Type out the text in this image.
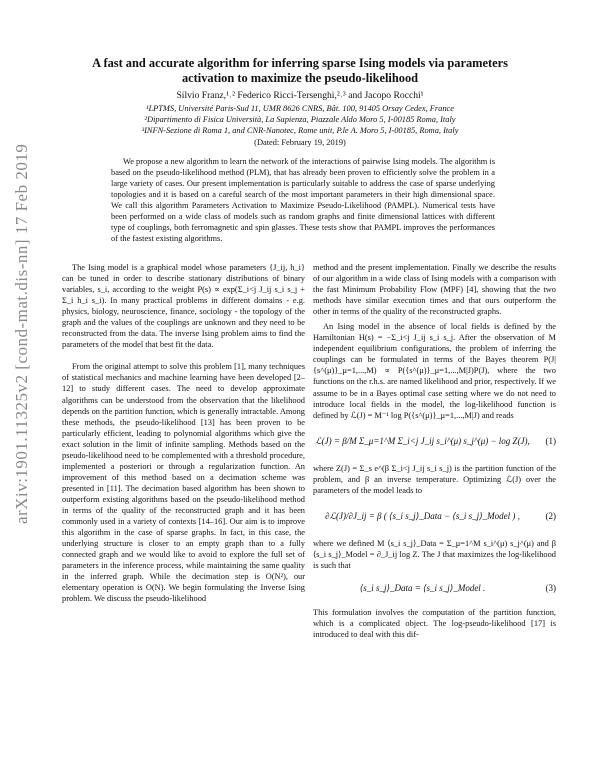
arXiv:1901.11325v2 [cond-mat.dis-nn] 17 Feb 2019
A fast and accurate algorithm for inferring sparse Ising models via parameters
activation to maximize the pseudo-likelihood
Silvio Franz,¹˒² Federico Ricci-Tersenghi,²˒³ and Jacopo Rocchi¹
¹LPTMS, Université Paris-Sud 11, UMR 8626 CNRS, Bât. 100, 91405 Orsay Cedex, France
²Dipartimento di Fisica Università, La Sapienza, Piazzale Aldo Moro 5, I-00185 Roma, Italy
³INFN-Sezione di Roma 1, and CNR-Nanotec, Rome unit, P.le A. Moro 5, I-00185, Roma, Italy
(Dated: February 19, 2019)
We propose a new algorithm to learn the network of the interactions of pairwise Ising models. The algorithm is based on the pseudo-likelihood method (PLM), that has already been proven to efficiently solve the problem in a large variety of cases. Our present implementation is particularly suitable to address the case of sparse underlying topologies and it is based on a careful search of the most important parameters in their high dimensional space. We call this algorithm Parameters Activation to Maximize Pseudo-Likelihood (PAMPL). Numerical tests have been performed on a wide class of models such as random graphs and finite dimensional lattices with different type of couplings, both ferromagnetic and spin glasses. These tests show that PAMPL improves the performances of the fastest existing algorithms.

The Ising model is a graphical model whose parameters {J_ij, h_i} can be tuned in order to describe stationary distributions of binary variables, s_i, according to the weight P(s) ∝ exp(Σ_i<j J_ij s_i s_j + Σ_i h_i s_i). In many practical problems in different domains - e.g. physics, biology, neuroscience, finance, sociology - the topology of the graph and the values of the couplings are unknown and they need to be reconstructed from the data. The inverse Ising problem aims to find the parameters of the model that best fit the data.

From the original attempt to solve this problem [1], many techniques of statistical mechanics and machine learning have been developed [2–12] to study different cases. The need to develop approximate algorithms can be understood from the observation that the likelihood depends on the partition function, which is generally intractable. Among these methods, the pseudo-likelihood [13] has been proven to be particularly efficient, leading to polynomial algorithms which give the exact solution in the limit of infinite sampling. Methods based on the pseudo-likelihood need to be complemented with a threshold procedure, implemented a posteriori or through a regularization function. An improvement of this method based on a decimation scheme was presented in [11]. The decimation based algorithm has been shown to outperform existing algorithms based on the pseudo-likelihood method in terms of the quality of the reconstructed graph and it has been commonly used in a variety of contexts [14–16]. Our aim is to improve this algorithm in the case of sparse graphs. In fact, in this case, the underlying structure is closer to an empty graph than to a fully connected graph and we would like to avoid to explore the full set of parameters in the inference process, while maintaining the same quality in the inferred graph. While the decimation step is O(N²), our elementary operation is O(N). We begin formulating the Inverse Ising problem. We discuss the pseudo-likelihood

method and the present implementation. Finally we describe the results of our algorithm in a wide class of Ising models with a comparison with the fast Minimum Probability Flow (MPF) [4], showing that the two methods have similar execution times and that ours outperform the other in terms of the quality of the reconstructed graphs.

An Ising model in the absence of local fields is defined by the Hamiltonian H(s) = −Σ_i<j J_ij s_i s_j. After the observation of M independent equilibrium configurations, the problem of inferring the couplings can be formulated in terms of the Bayes theorem P(J|{s^(μ)}_μ=1,...,M) ∝ P({s^(μ)}_μ=1,...,M|J)P(J), where the two functions on the r.h.s. are named likelihood and prior, respectively. If we assume to be in a Bayes optimal case setting where we do not need to introduce local fields in the model, the log-likelihood function is defined by ℒ(J) = M⁻¹ log P({s^(μ)}_μ=1,...,M|J) and reads

ℒ(J) = β/M Σ_μ=1^M Σ_i<j J_ij s_i^(μ) s_j^(μ) − log Z(J),	(1)

where Z(J) = Σ_s e^(β Σ_i<j J_ij s_i s_j) is the partition function of the problem, and β an inverse temperature. Optimizing ℒ(J) over the parameters of the model leads to

∂ℒ(J)/∂J_ij = β ( ⟨s_i s_j⟩_Data − ⟨s_i s_j⟩_Model ) ,	(2)

where we defined M ⟨s_i s_j⟩_Data = Σ_μ=1^M s_i^(μ) s_j^(μ) and β ⟨s_i s_j⟩_Model = ∂_J_ij log Z. The J that maximizes the log-likelihood is such that

⟨s_i s_j⟩_Data = ⟨s_i s_j⟩_Model .	(3)

This formulation involves the computation of the partition function, which is a complicated object. The log-pseudo-likelihood [17] is introduced to deal with this dif-
